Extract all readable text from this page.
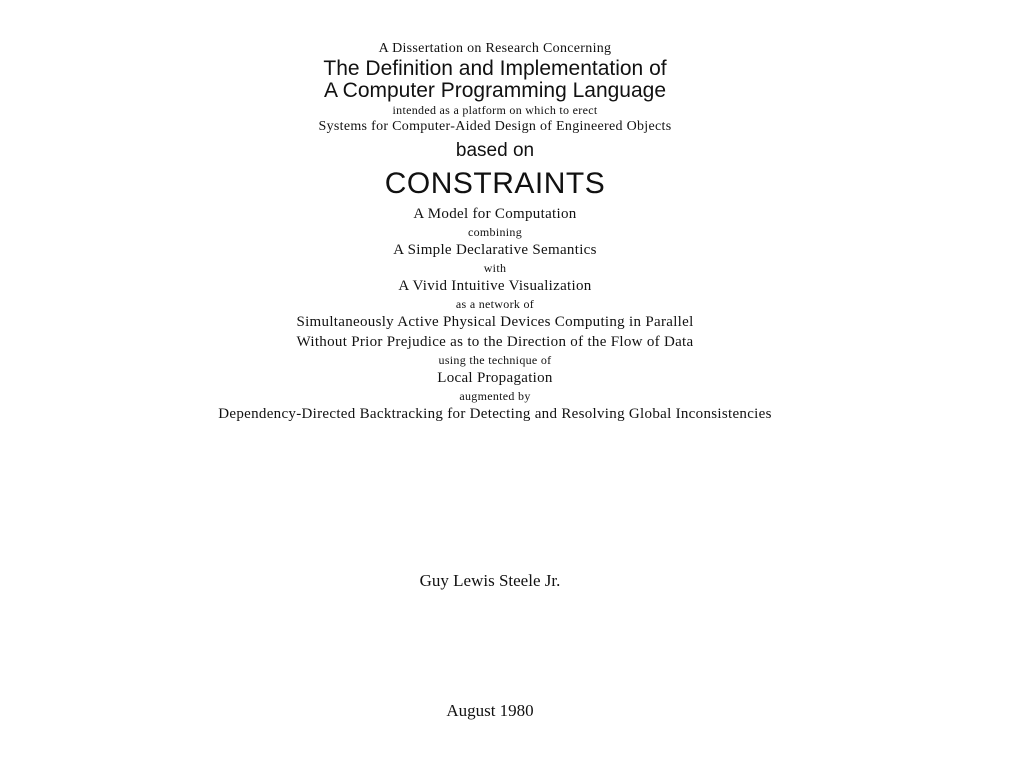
A Dissertation on Research Concerning
The Definition and Implementation of
A Computer Programming Language
intended as a platform on which to erect
Systems for Computer-Aided Design of Engineered Objects
based on
CONSTRAINTS
A Model for Computation
combining
A Simple Declarative Semantics
with
A Vivid Intuitive Visualization
as a network of
Simultaneously Active Physical Devices Computing in Parallel
Without Prior Prejudice as to the Direction of the Flow of Data
using the technique of
Local Propagation
augmented by
Dependency-Directed Backtracking for Detecting and Resolving Global Inconsistencies
Guy Lewis Steele Jr.
August 1980
